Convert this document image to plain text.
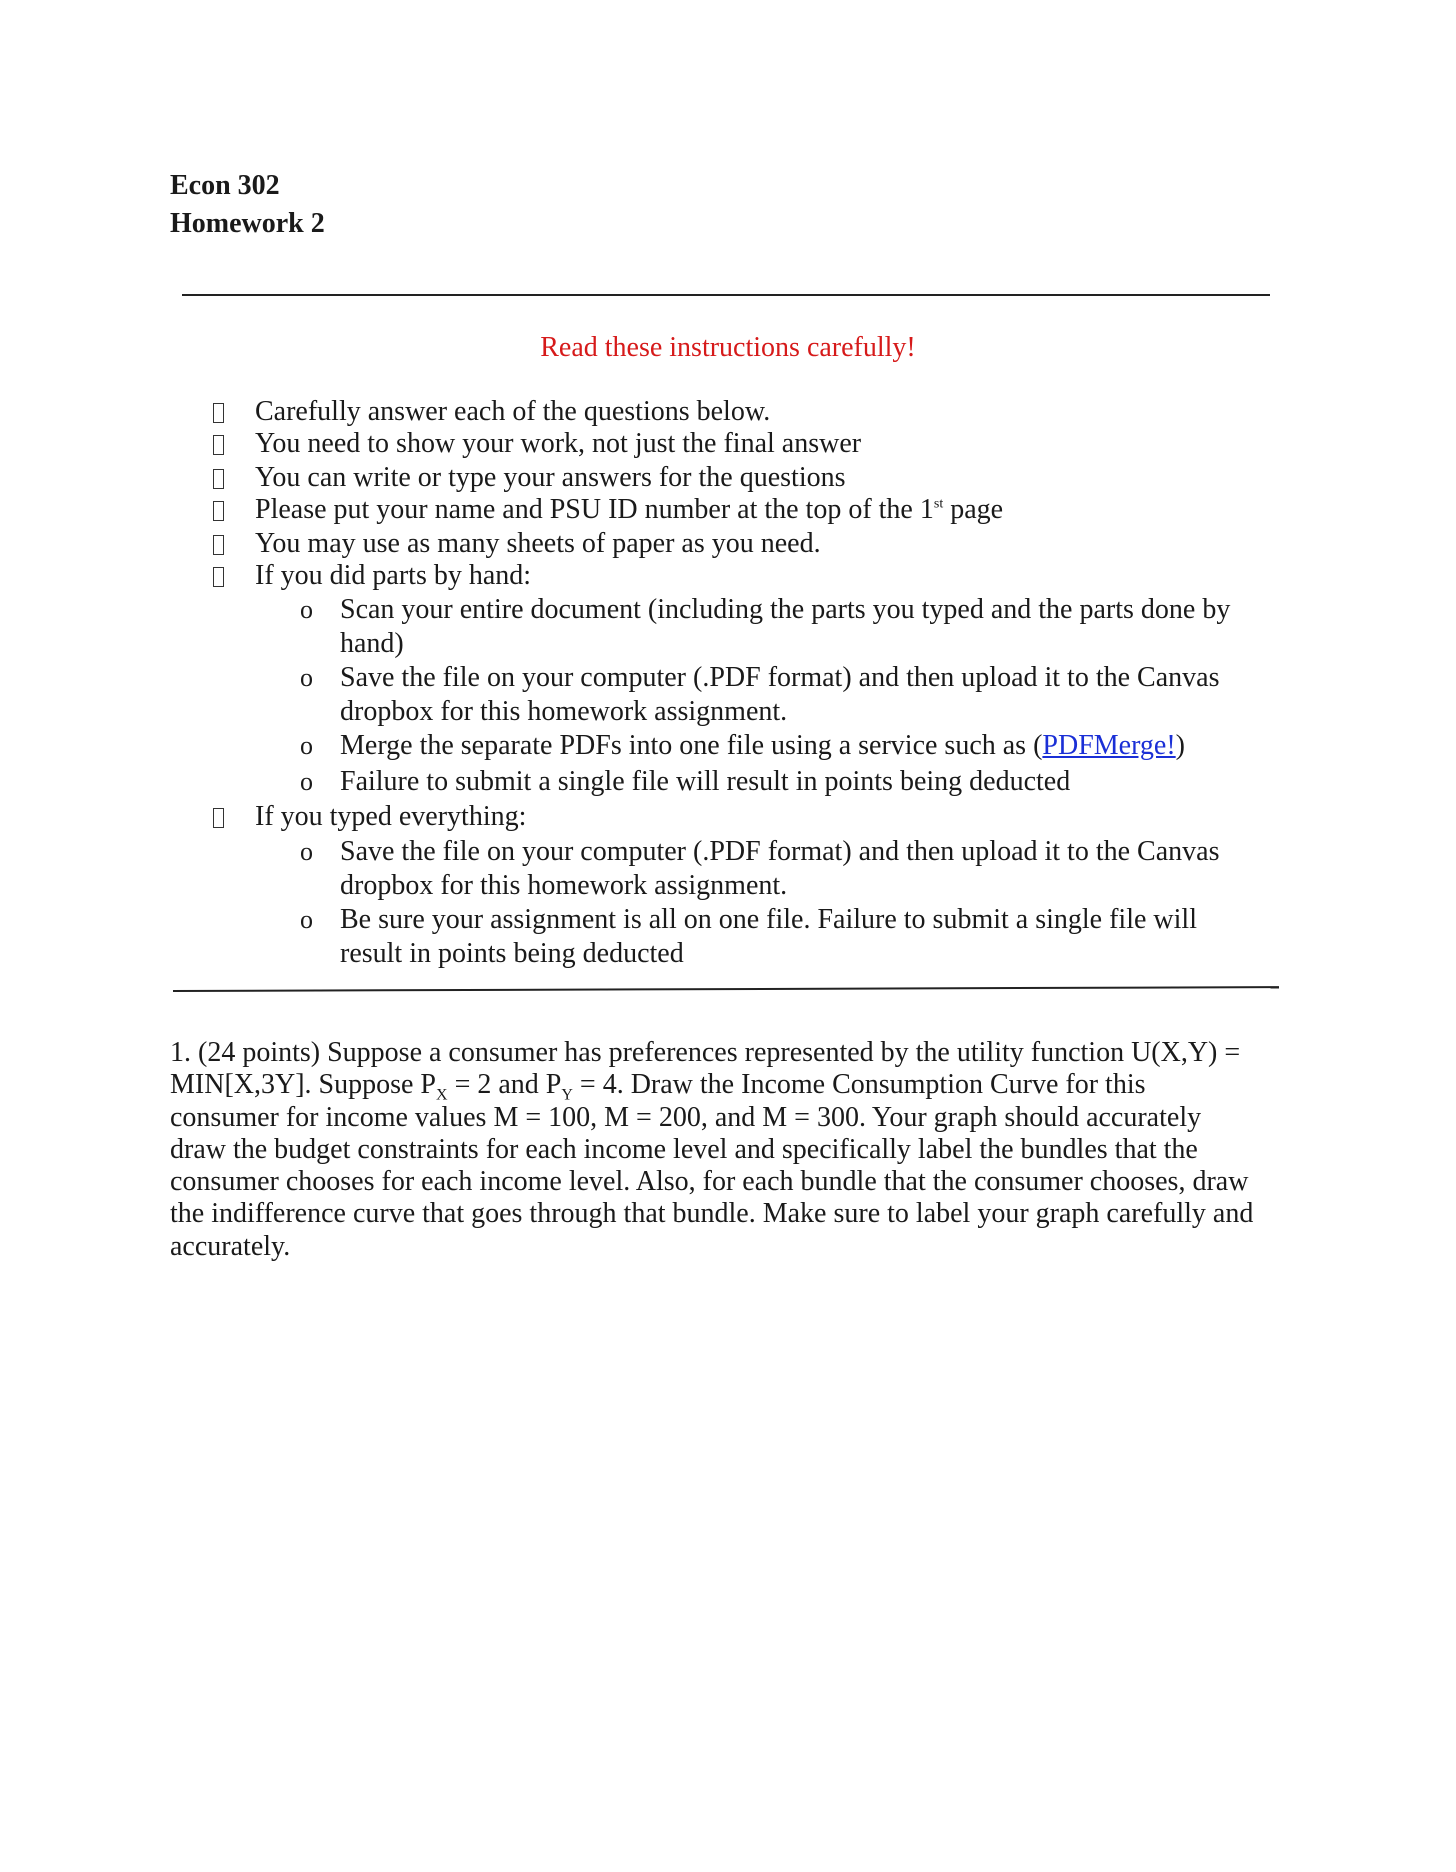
Econ 302
Homework 2
Read these instructions carefully!
Carefully answer each of the questions below.
You need to show your work, not just the final answer
You can write or type your answers for the questions
Please put your name and PSU ID number at the top of the 1st page
You may use as many sheets of paper as you need.
If you did parts by hand:
o Scan your entire document (including the parts you typed and the parts done by
hand)
o Save the file on your computer (.PDF format) and then upload it to the Canvas
dropbox for this homework assignment.
o Merge the separate PDFs into one file using a service such as (PDFMerge!)
o Failure to submit a single file will result in points being deducted
If you typed everything:
o Save the file on your computer (.PDF format) and then upload it to the Canvas
dropbox for this homework assignment.
o Be sure your assignment is all on one file. Failure to submit a single file will
result in points being deducted
1. (24 points) Suppose a consumer has preferences represented by the utility function U(X,Y) =
MIN[X,3Y]. Suppose $P_X = 2$ and $P_Y = 4$. Draw the Income Consumption Curve for this
consumer for income values M = 100, M = 200, and M = 300. Your graph should accurately
draw the budget constraints for each income level and specifically label the bundles that the
consumer chooses for each income level. Also, for each bundle that the consumer chooses, draw
the indifference curve that goes through that bundle. Make sure to label your graph carefully and
accurately.
